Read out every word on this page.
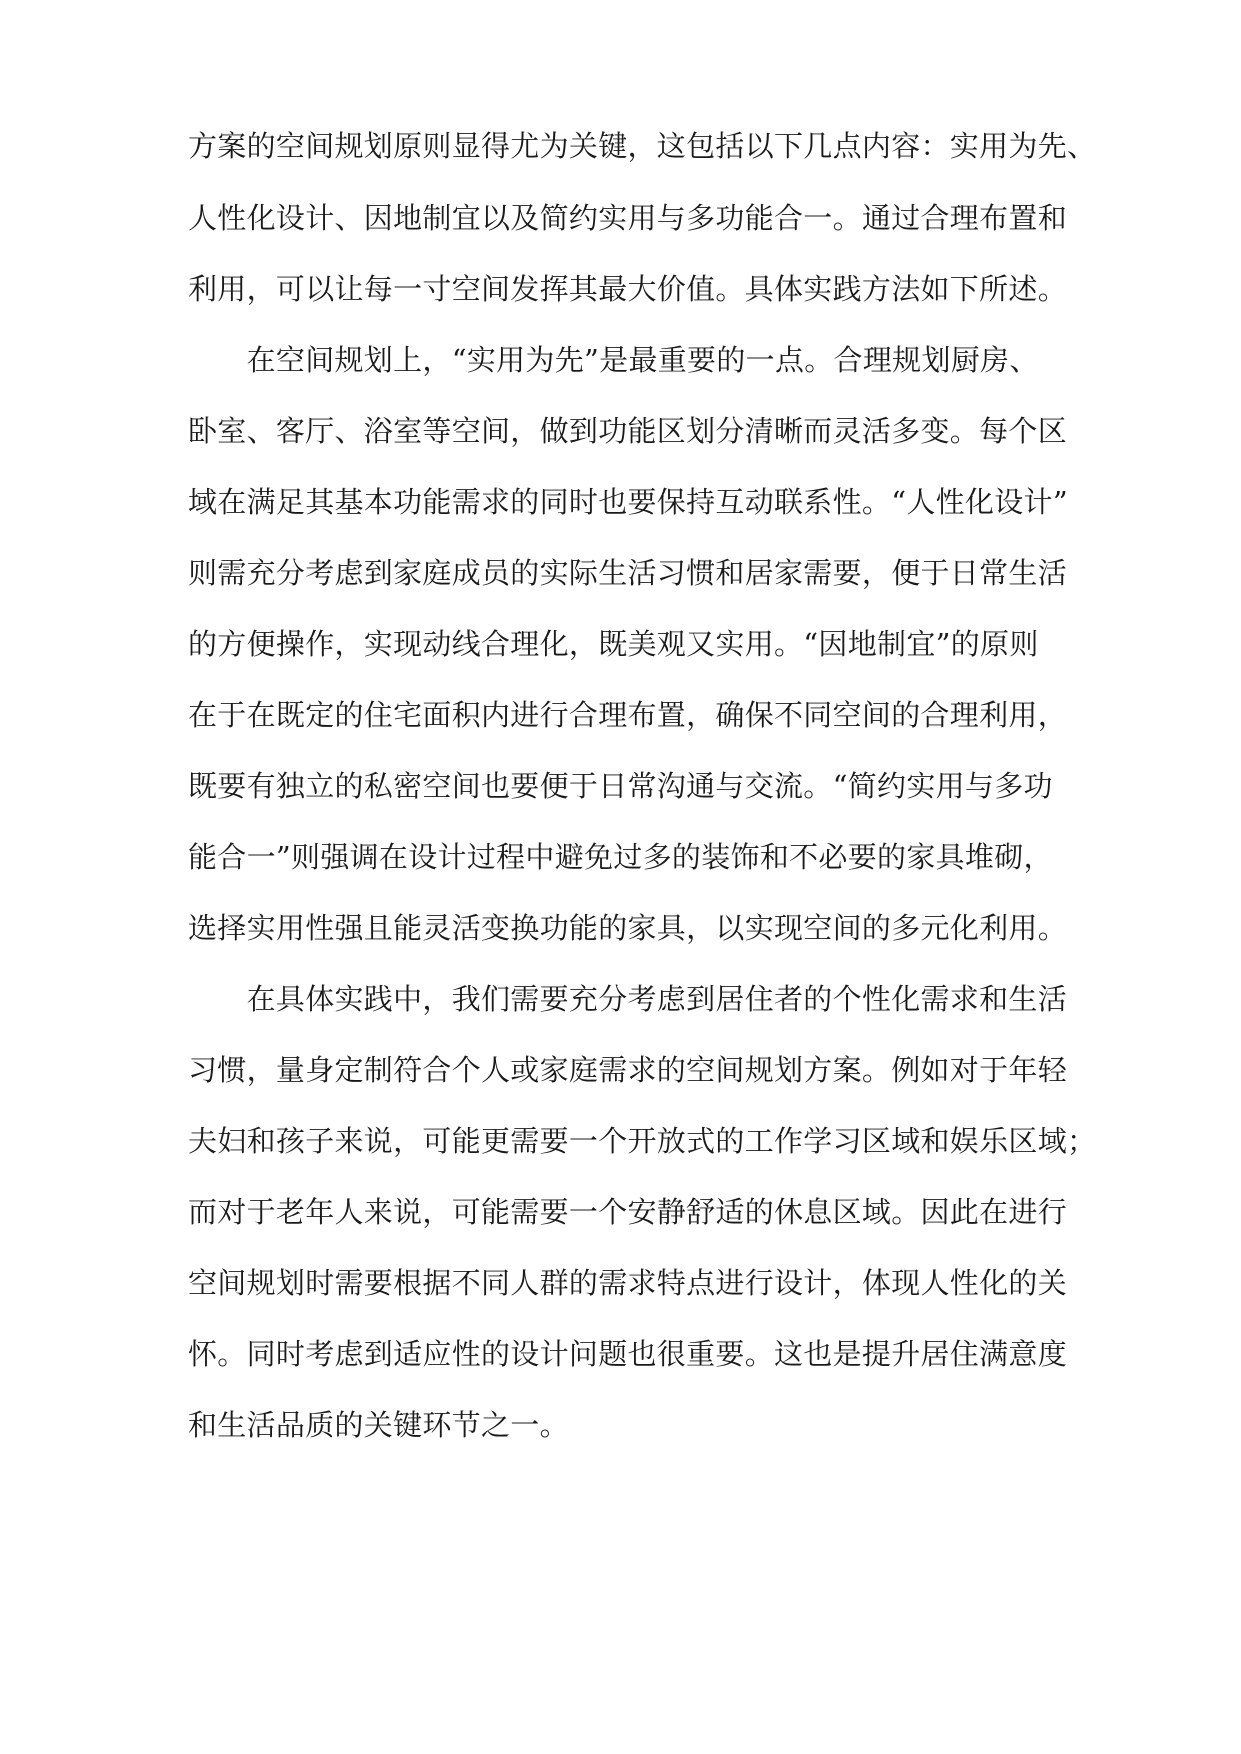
方案的空间规划原则显得尤为关键，这包括以下几点内容：实用为先、
人性化设计、因地制宜以及简约实用与多功能合一。通过合理布置和
利用，可以让每一寸空间发挥其最大价值。具体实践方法如下所述。
　　在空间规划上，“实用为先”是最重要的一点。合理规划厨房、
卧室、客厅、浴室等空间，做到功能区划分清晰而灵活多变。每个区
域在满足其基本功能需求的同时也要保持互动联系性。“人性化设计”
则需充分考虑到家庭成员的实际生活习惯和居家需要，便于日常生活
的方便操作，实现动线合理化，既美观又实用。“因地制宜”的原则
在于在既定的住宅面积内进行合理布置，确保不同空间的合理利用，
既要有独立的私密空间也要便于日常沟通与交流。“简约实用与多功
能合一”则强调在设计过程中避免过多的装饰和不必要的家具堆砌，
选择实用性强且能灵活变换功能的家具，以实现空间的多元化利用。
　　在具体实践中，我们需要充分考虑到居住者的个性化需求和生活
习惯，量身定制符合个人或家庭需求的空间规划方案。例如对于年轻
夫妇和孩子来说，可能更需要一个开放式的工作学习区域和娱乐区域；
而对于老年人来说，可能需要一个安静舒适的休息区域。因此在进行
空间规划时需要根据不同人群的需求特点进行设计，体现人性化的关
怀。同时考虑到适应性的设计问题也很重要。这也是提升居住满意度
和生活品质的关键环节之一。
